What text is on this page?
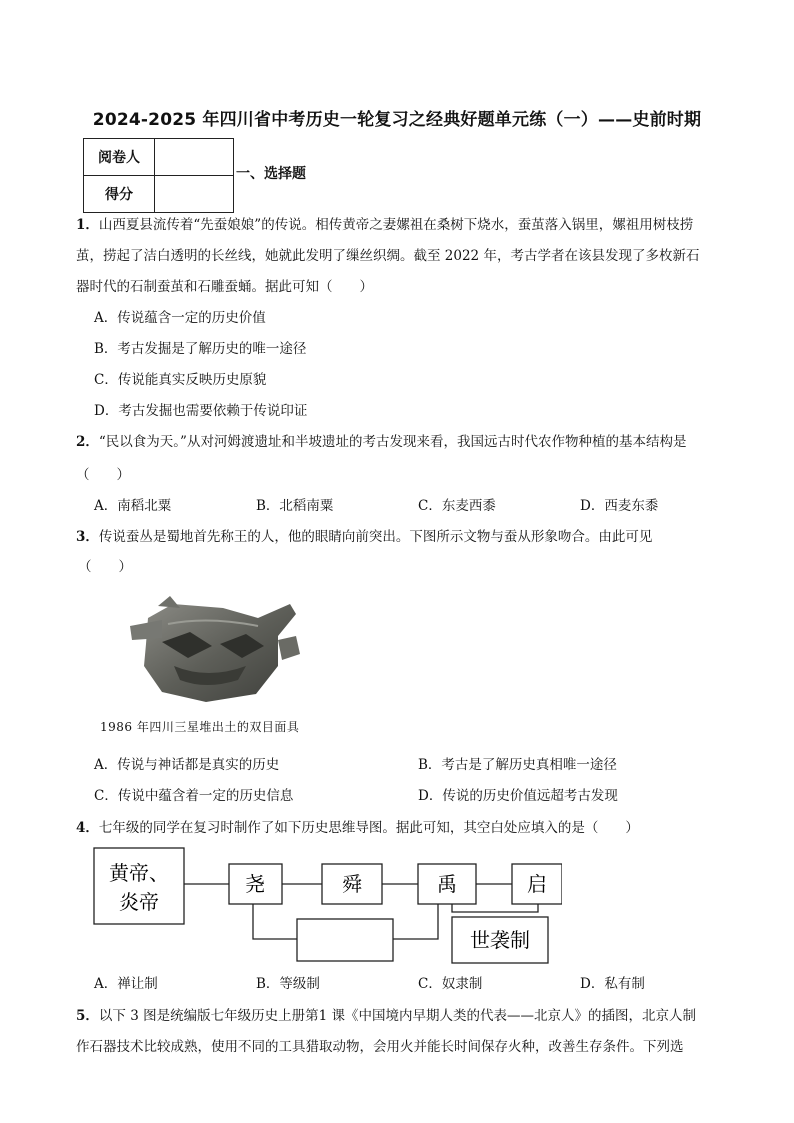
2024-2025 年四川省中考历史一轮复习之经典好题单元练（一）——史前时期
阅卷人	
得分	
一、选择题
1．山西夏县流传着“先蚕娘娘”的传说。相传黄帝之妻嫘祖在桑树下烧水，蚕茧落入锅里，嫘祖用树枝捞
茧，捞起了洁白透明的长丝线，她就此发明了缫丝织绸。截至 2022 年，考古学者在该县发现了多枚新石
器时代的石制蚕茧和石雕蚕蛹。据此可知（　　）
A．传说蕴含一定的历史价值
B．考古发掘是了解历史的唯一途径
C．传说能真实反映历史原貌
D．考古发掘也需要依赖于传说印证
2．“民以食为天。”从对河姆渡遗址和半坡遗址的考古发现来看，我国远古时代农作物种植的基本结构是
（　　）
A．南稻北粟	B．北稻南粟	C．东麦西黍	D．西麦东黍
3．传说蚕丛是蜀地首先称王的人，他的眼睛向前突出。下图所示文物与蚕从形象吻合。由此可见
（　　）
1986 年四川三星堆出土的双目面具
A．传说与神话都是真实的历史	B．考古是了解历史真相唯一途径
C．传说中蕴含着一定的历史信息	D．传说的历史价值远超考古发现
4．七年级的同学在复习时制作了如下历史思维导图。据此可知，其空白处应填入的是（　　）
黄帝、
炎帝
尧	舜	禹	启
世袭制
A．禅让制	B．等级制	C．奴隶制	D．私有制
5．以下 3 图是统编版七年级历史上册第1 课《中国境内早期人类的代表——北京人》的插图，北京人制
作石器技术比较成熟，使用不同的工具猎取动物，会用火并能长时间保存火种，改善生存条件。下列选
